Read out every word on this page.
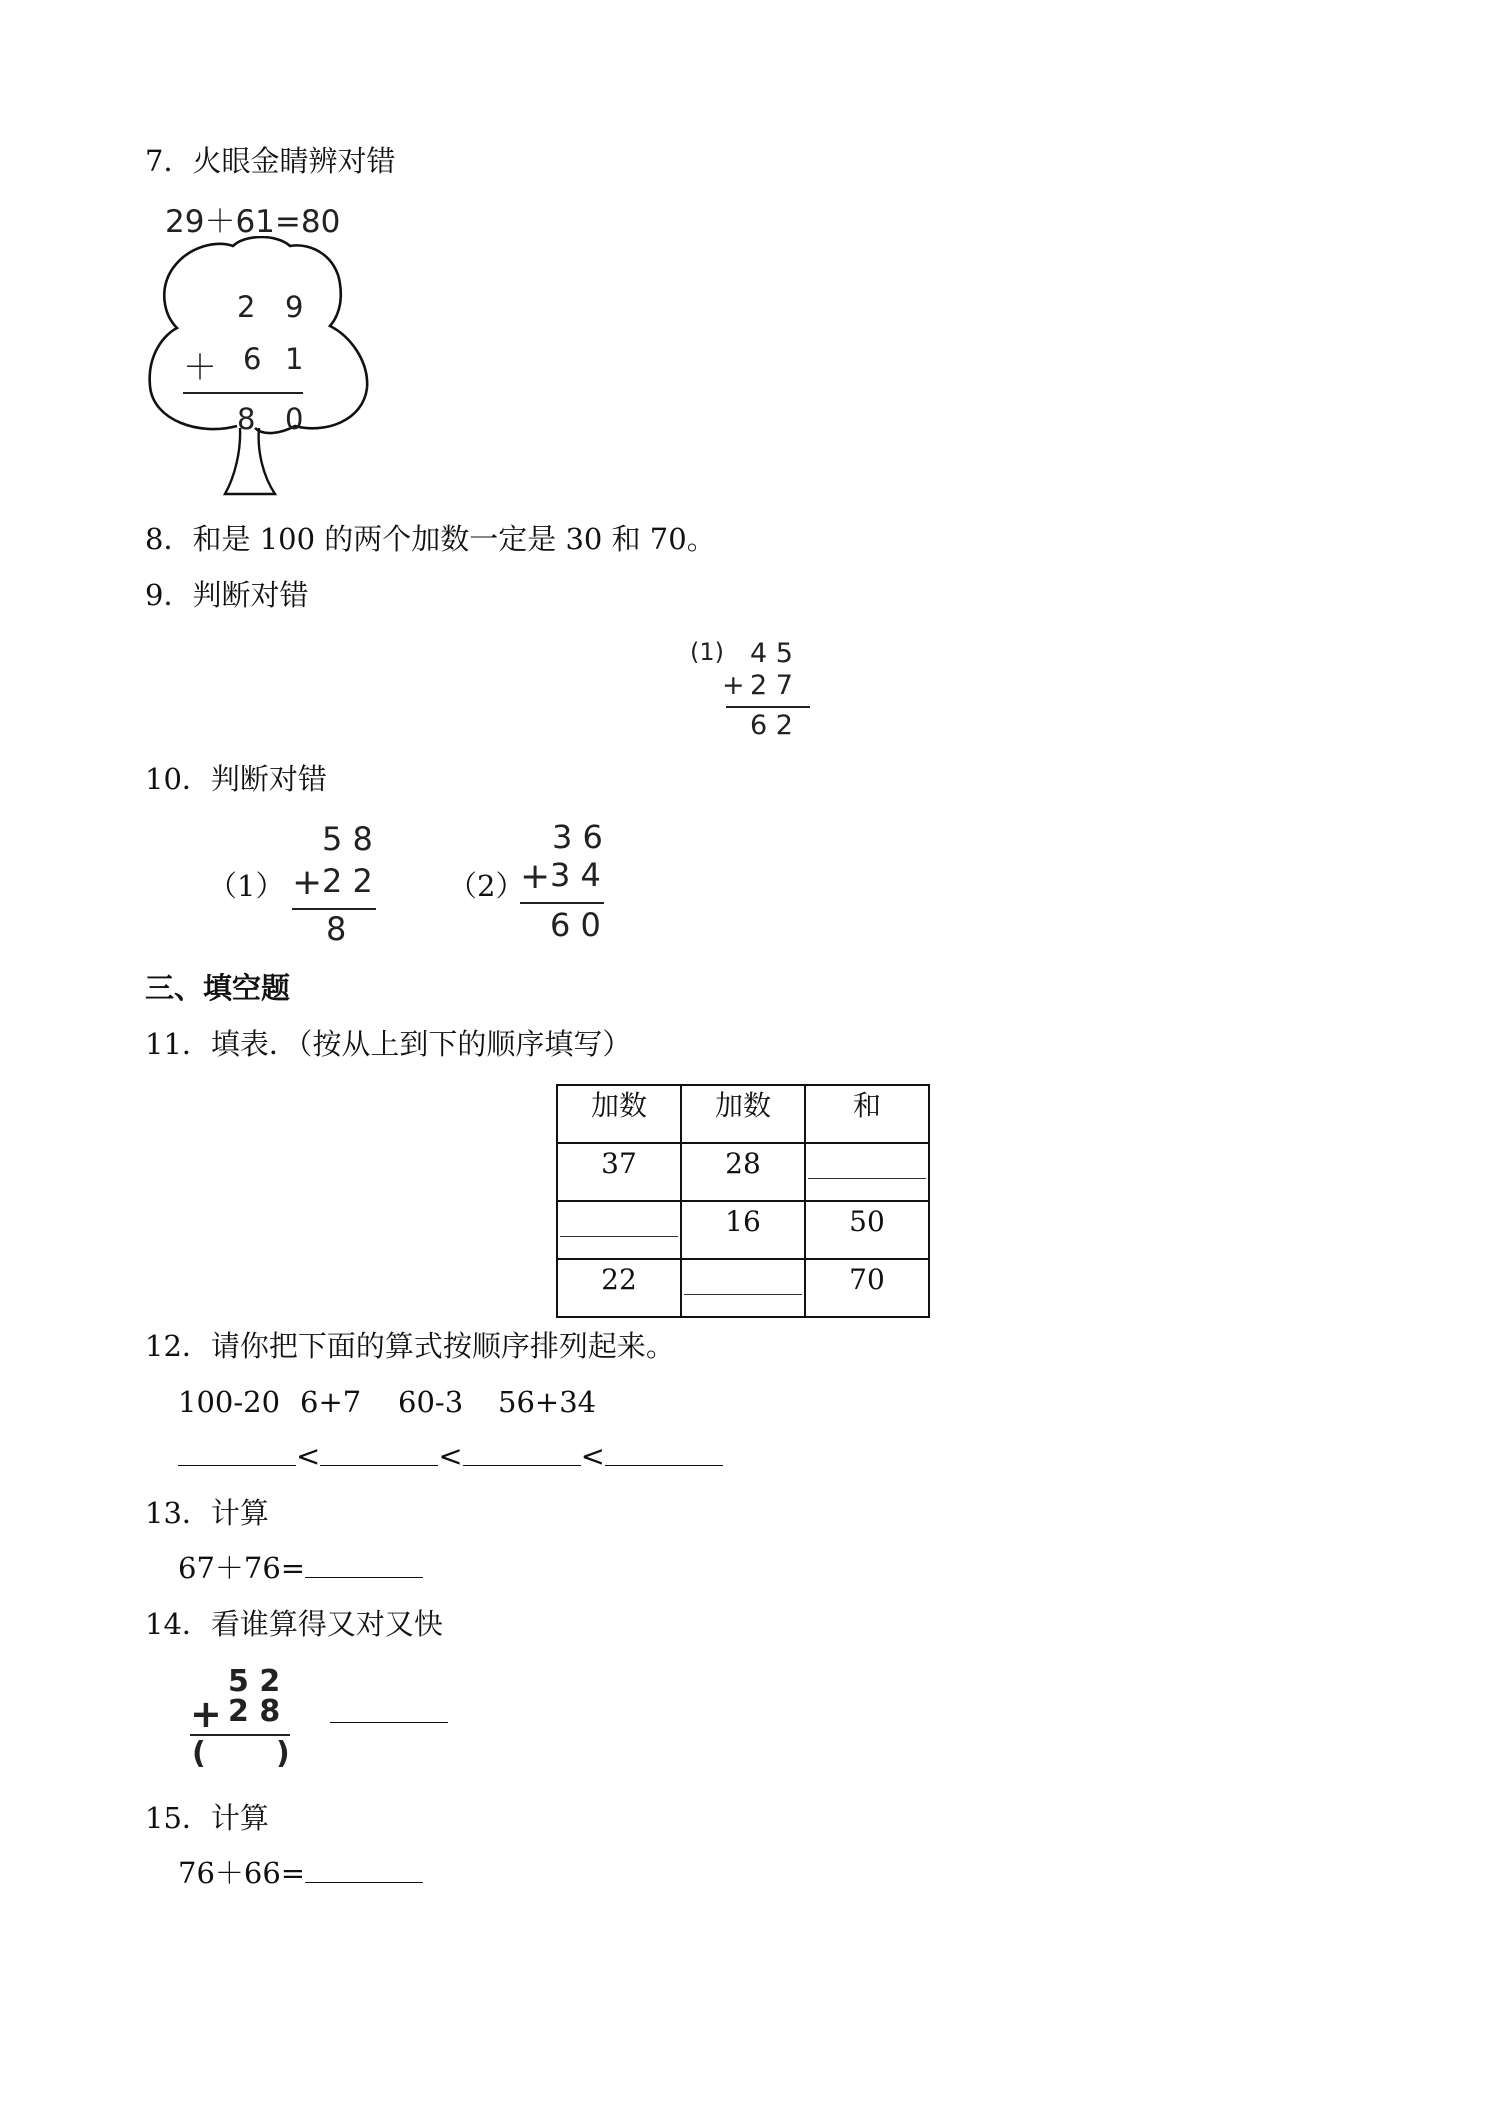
7．火眼金睛辨对错
29＋61=80
2 9
＋ 6 1
8 0
8．和是 100 的两个加数一定是 30 和 70。
9．判断对错
(1) 4 5
+ 2 7
6 2
10．判断对错
（1）
5 8
+ 2 2
8
（2）
3 6
+ 3 4
6 0
三、填空题
11．填表．（按从上到下的顺序填写）
加数	加数	和
37	28	

	16	50
22		70
12．请你把下面的算式按顺序排列起来。
100-20 6+7 60-3 56+34
<	<	<
13．计算
67＋76=
14．看谁算得又对又快
5 2
+ 2 8
( )
15．计算
76＋66=
